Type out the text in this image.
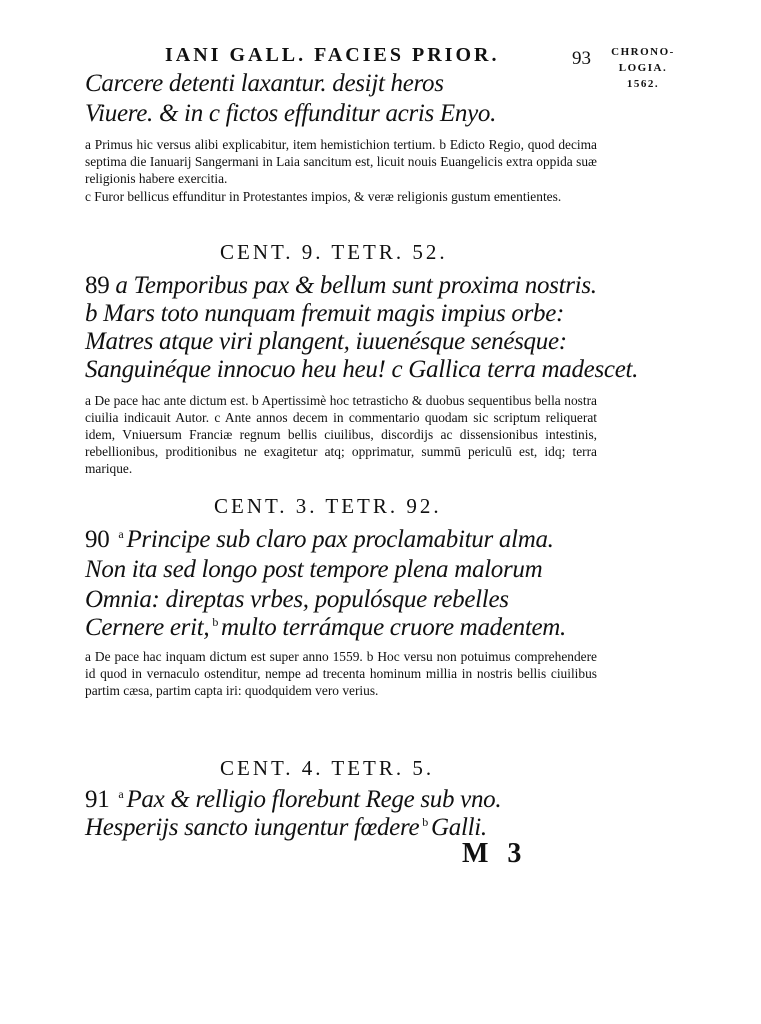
IANI GALL. FACIES PRIOR.	93	CHRONO-
LOGIA.
1562.
Carcere detenti laxantur. desijt heros
Viuere. & in c fictos effunditur acris Enyo.
a Primus hic versus alibi explicabitur, item hemistichion tertium. b Edicto Regio, quod decima septima die Ianuarij Sangermani in Laia sancitum est, licuit nouis Euangelicis extra oppida suæ religionis habere exercitia.
c Furor bellicus effunditur in Protestantes impios, & veræ religionis gustum ementientes.
CENT. 9. TETR. 52.
89 a Temporibus pax & bellum sunt proxima nostris.
b Mars toto nunquam fremuit magis impius orbe:
Matres atque viri plangent, iuuenésque senésque:
Sanguinéque innocuo heu heu! c Gallica terra madescet.
a De pace hac ante dictum est. b Apertissimè hoc tetrasticho & duobus sequentibus bella nostra ciuilia indicauit Autor. c Ante annos decem in commentario quodam sic scriptum reliquerat idem, Vniuersum Franciæ regnum bellis ciuilibus, discordijs ac dissensionibus intestinis, rebellionibus, proditionibus ne exagitetur atq; opprimatur, summū periculū est, idq; terra marique.
CENT. 3. TETR. 92.
90 $^a$ Principe sub claro pax proclamabitur alma.
Non ita sed longo post tempore plena malorum
Omnia: direptas vrbes, populósque rebelles
Cernere erit, $^b$ multo terrámque cruore madentem.
a De pace hac inquam dictum est super anno 1559. b Hoc versu non potuimus comprehendere id quod in vernaculo ostenditur, nempe ad trecenta hominum millia in nostris bellis ciuilibus partim cæsa, partim capta iri: quodquidem vero verius.
CENT. 4. TETR. 5.
91 $^a$ Pax & relligio florebunt Rege sub vno.
Hesperijs sancto iungentur fœdere $^b$ Galli.
M 3
